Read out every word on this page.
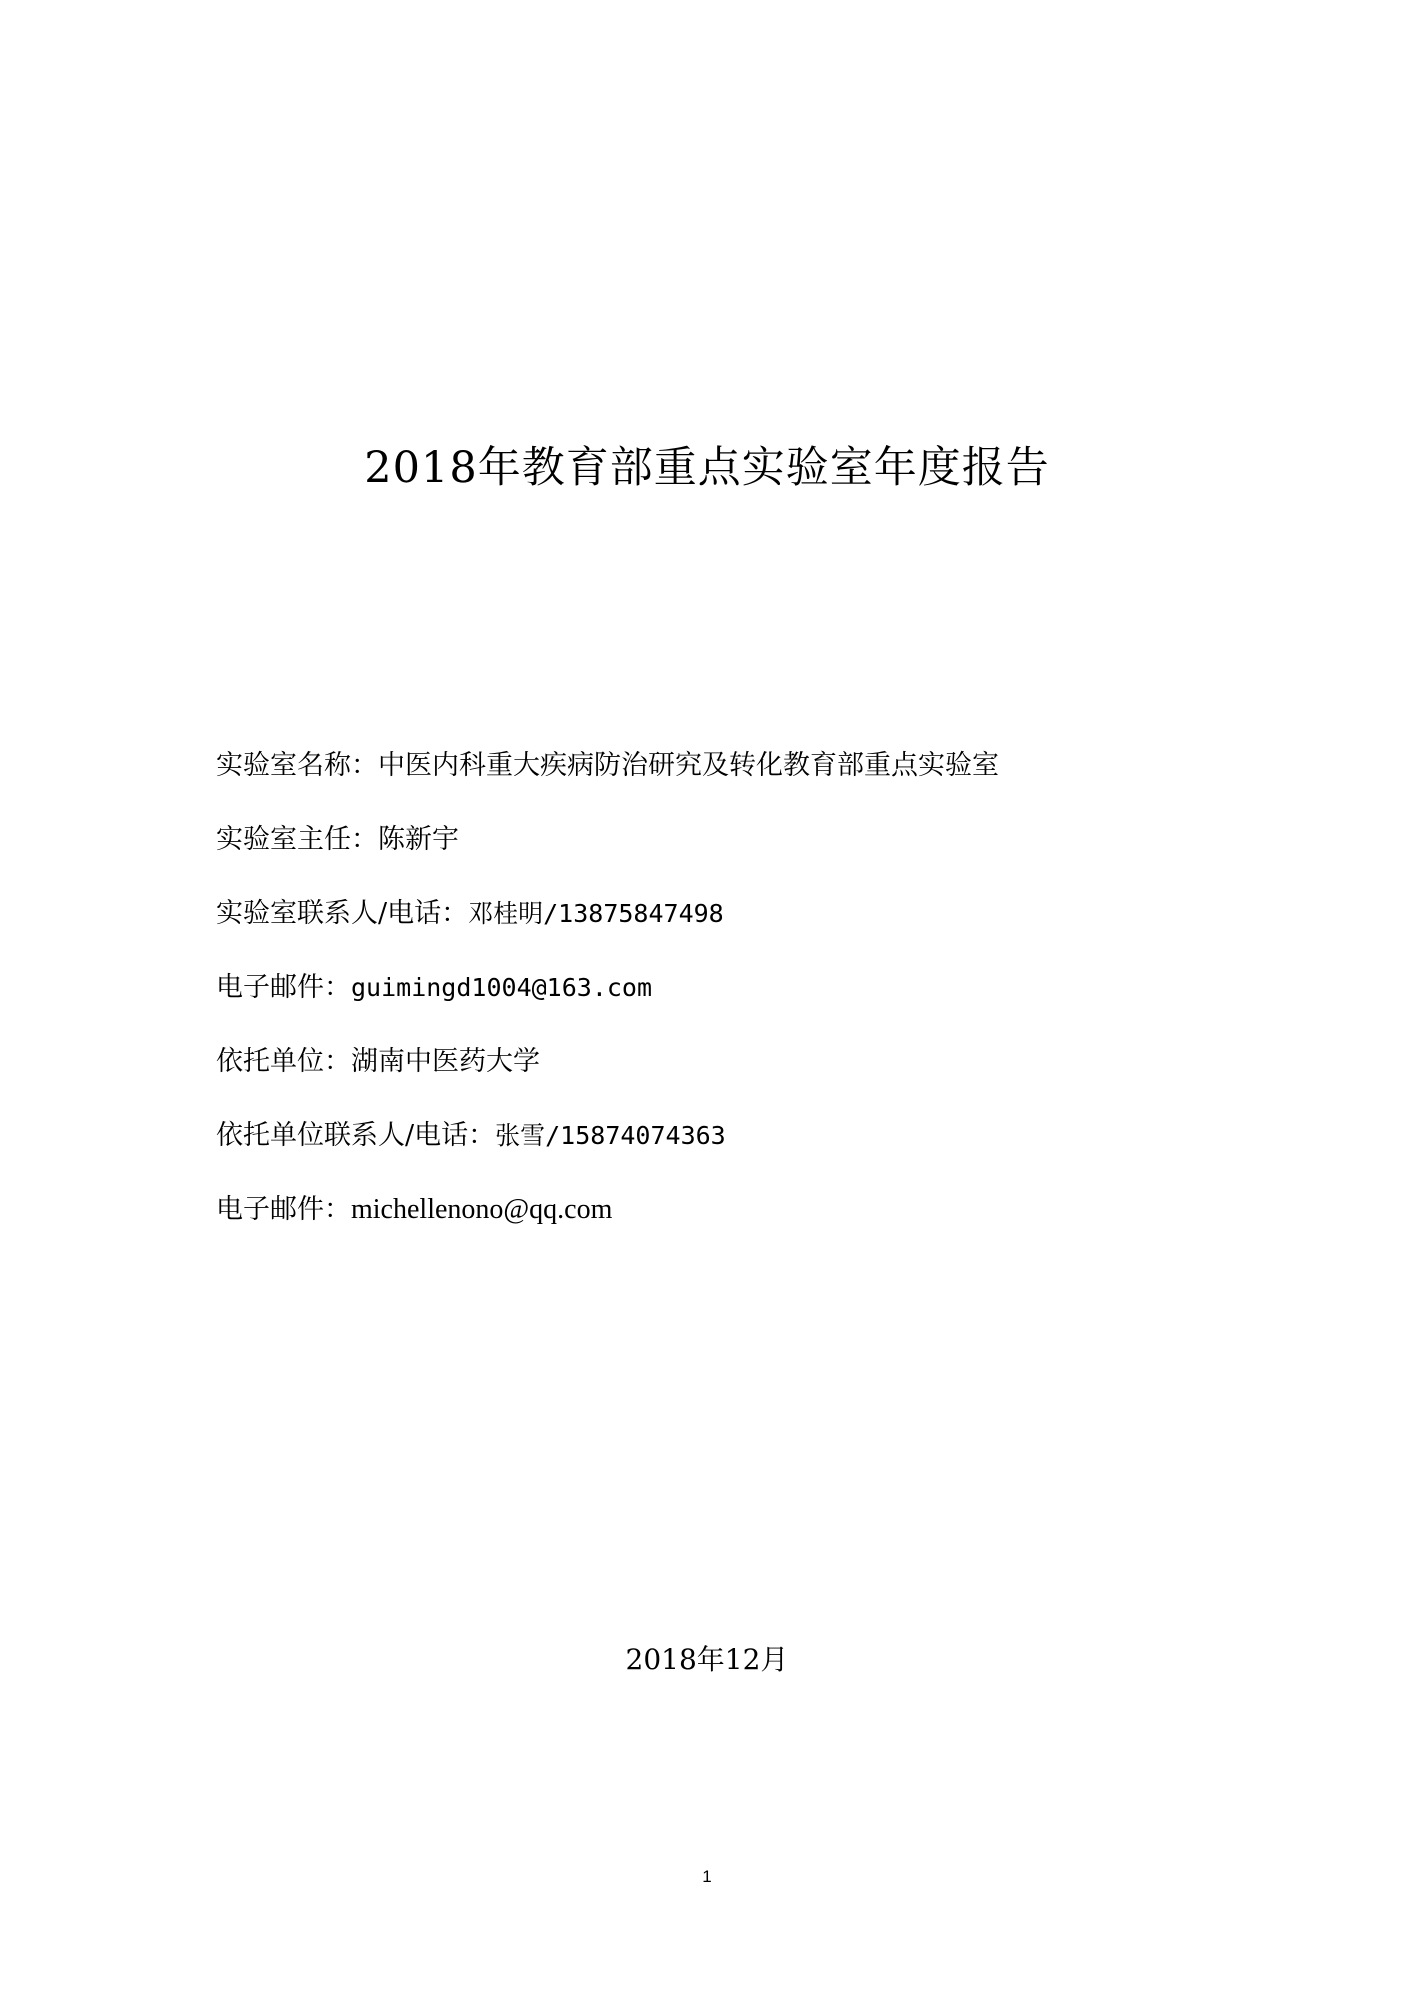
2018年教育部重点实验室年度报告
实验室名称：中医内科重大疾病防治研究及转化教育部重点实验室
实验室主任：陈新宇
实验室联系人/电话：邓桂明/13875847498
电子邮件：guimingd1004@163.com
依托单位：湖南中医药大学
依托单位联系人/电话：张雪/15874074363
电子邮件：michellenono@qq.com
2018年12月
1
